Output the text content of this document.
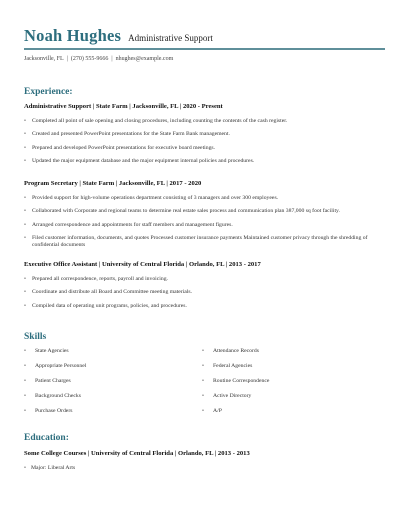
Noah Hughes Administrative Support
Jacksonville, FL | (270) 555-9666 | nhughes@example.com
Experience:
Administrative Support | State Farm | Jacksonville, FL | 2020 - Present
• Completed all point of sale opening and closing procedures, including counting the contents of the cash register.
• Created and presented PowerPoint presentations for the State Farm Bank management.
• Prepared and developed PowerPoint presentations for executive board meetings.
• Updated the major equipment database and the major equipment internal policies and procedures.
Program Secretary | State Farm | Jacksonville, FL | 2017 - 2020
• Provided support for high-volume operations department consisting of 3 managers and over 300 employees.
• Collaborated with Corporate and regional teams to determine real estate sales process and communication plan 387,000 sq foot facility.
• Arranged correspondence and appointments for staff members and management figures.
• Filed customer information, documents, and quotes Processed customer insurance payments Maintained customer privacy through the shredding of confidential documents
Executive Office Assistant | University of Central Florida | Orlando, FL | 2013 - 2017
• Prepared all correspondence, reports, payroll and invoicing.
• Coordinate and distribute all Board and Committee meeting materials.
• Compiled data of operating unit programs, policies, and procedures.
Skills
• State Agencies
• Appropriate Personnel
• Patient Charges
• Background Checks
• Purchase Orders
• Attendance Records
• Federal Agencies
• Routine Correspondence
• Active Directory
• A/P
Education:
Some College Courses | University of Central Florida | Orlando, FL | 2013 - 2013
• Major: Liberal Arts
